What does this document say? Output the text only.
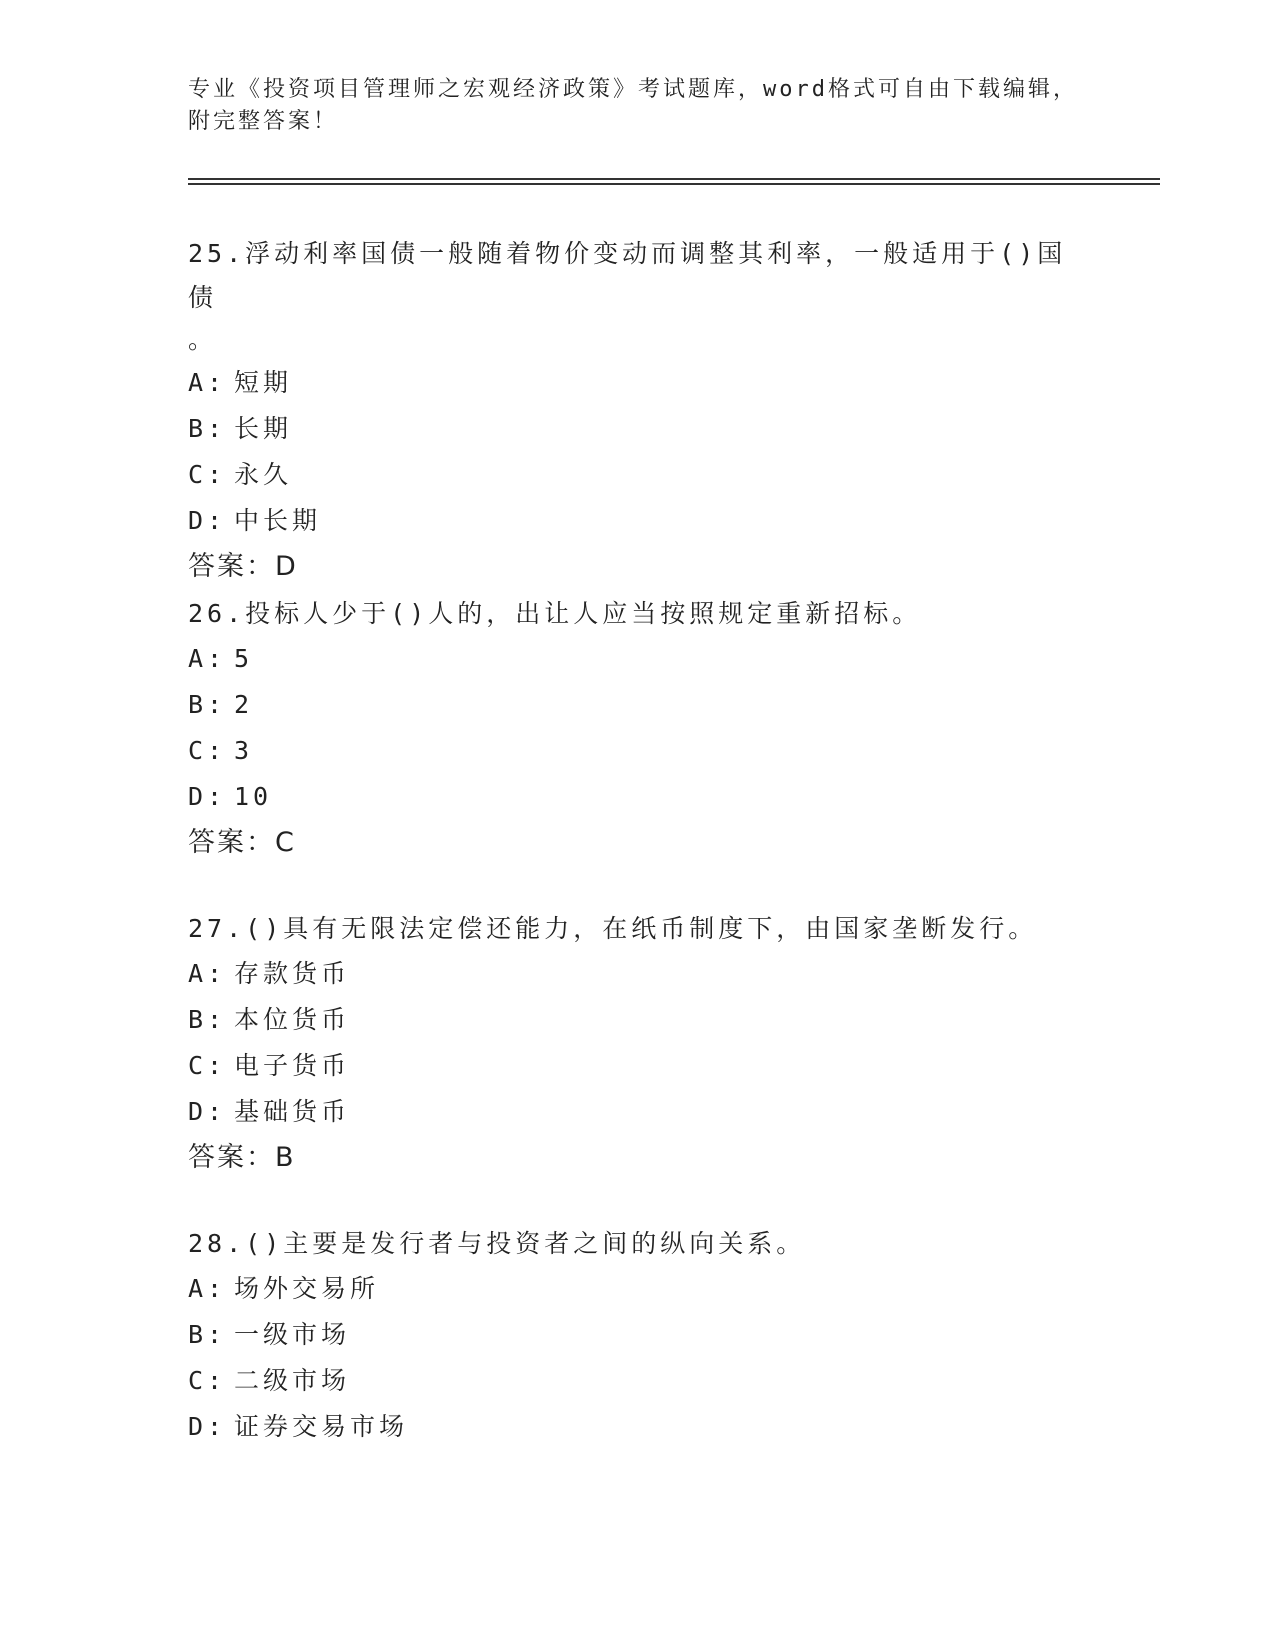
专业《投资项目管理师之宏观经济政策》考试题库，word格式可自由下载编辑，
附完整答案！

25.浮动利率国债一般随着物价变动而调整其利率，一般适用于()国债

。

A: 短期

B: 长期

C: 永久

D: 中长期

答案：D

26.投标人少于()人的，出让人应当按照规定重新招标。

A: 5

B: 2

C: 3

D: 10

答案：C

27.()具有无限法定偿还能力，在纸币制度下，由国家垄断发行。

A: 存款货币

B: 本位货币

C: 电子货币

D: 基础货币

答案：B

28.()主要是发行者与投资者之间的纵向关系。

A: 场外交易所

B: 一级市场

C: 二级市场

D: 证券交易市场
